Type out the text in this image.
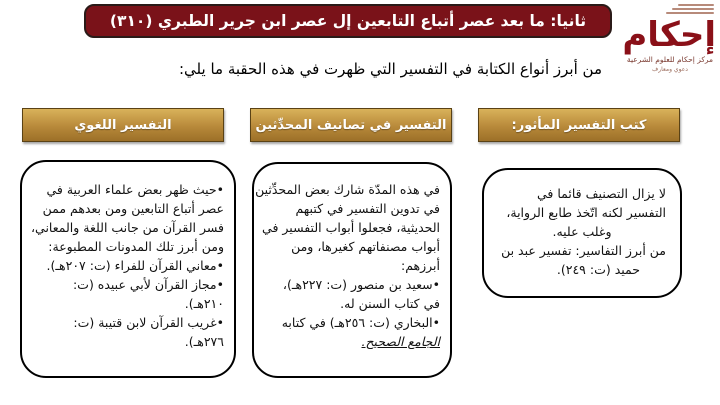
ثانيا: ما بعد عصر أتباع التابعين إل عصر ابن جرير الطبري (٣١٠) إحكام
مركز إحكام للعلوم الشرعية
دعوي ومعارف
من أبرز أنواع الكتابة في التفسير التي ظهرت في هذه الحقبة ما يلي:
كتب التفسير المأثور:
التفسير في تصانيف المحدِّثين
التفسير اللغوي
لا يزال التصنيف قائما في
التفسير لكنه اتّخذ طابع الرواية،
وغلب عليه.
من أبرز التفاسير: تفسير عبد بن
حميد (ت: ٢٤٩).
في هذه المدّة شارك بعض المحدِّثين
في تدوين التفسير في كتبهم
الحديثية، فجعلوا أبواب التفسير في
أبواب مصنفاتهم كغيرها، ومن
أبرزهم:
•سعيد بن منصور (ت: ٢٢٧هـ)،
في كتاب السنن له.
•البخاري (ت: ٢٥٦هـ) في كتابه
الجامع الصحيح.
•حيث ظهر بعض علماء العربية في
عصر أتباع التابعين ومن بعدهم ممن
فسر القرآن من جانب اللغة والمعاني،
ومن أبرز تلك المدونات المطبوعة:
•معاني القرآن للفراء (ت: ٢٠٧هـ).
•مجاز القرآن لأبي عبيده (ت:
٢١٠هـ).
•غريب القرآن لابن قتيبة (ت:
٢٧٦هـ).
